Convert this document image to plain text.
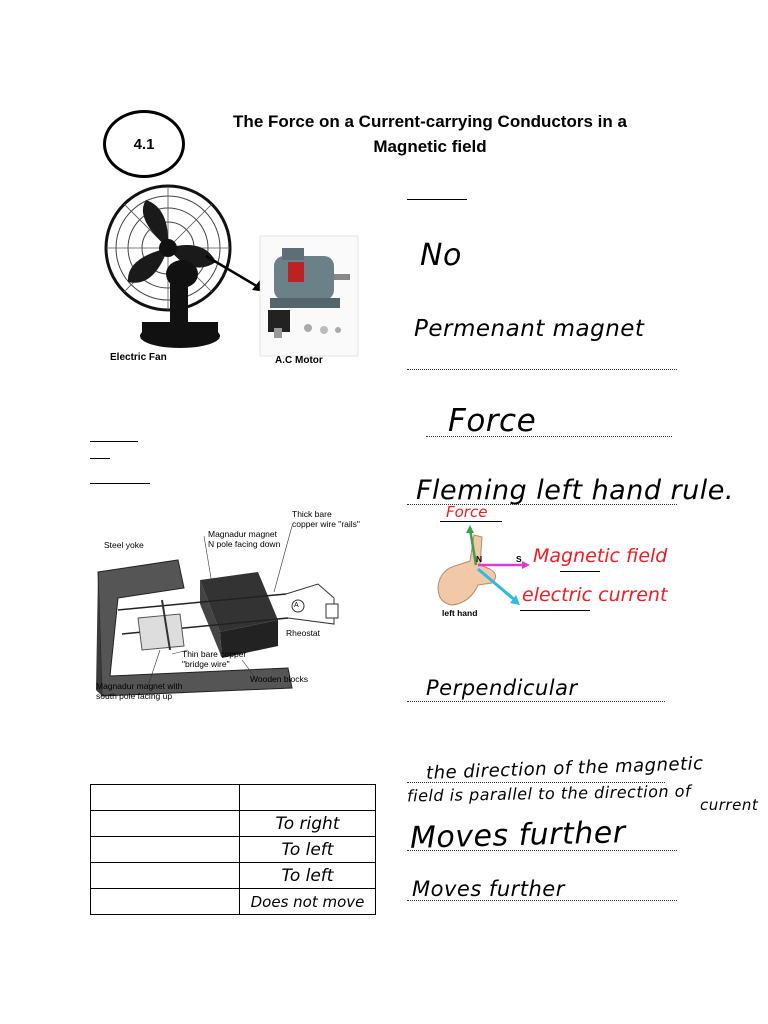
4.1
The Force on a Current-carrying Conductors in a
Magnetic field
Electric Fan	A.C Motor
Steel yoke
Magnadur magnet
N pole facing down
Thick bare
copper wire "rails"
A
Rheostat
Thin bare copper
"bridge wire"
Wooden blocks
Magnadur magnet with
south pole facing up

	To right
	To left
	To left
	Does not move
No
Permenant magnet
Force
Fleming left hand rule.
Force
N	S
left hand
Magnetic field
electric current
Perpendicular
the direction of the magnetic
field is parallel to the direction of current
Moves further
Moves further
